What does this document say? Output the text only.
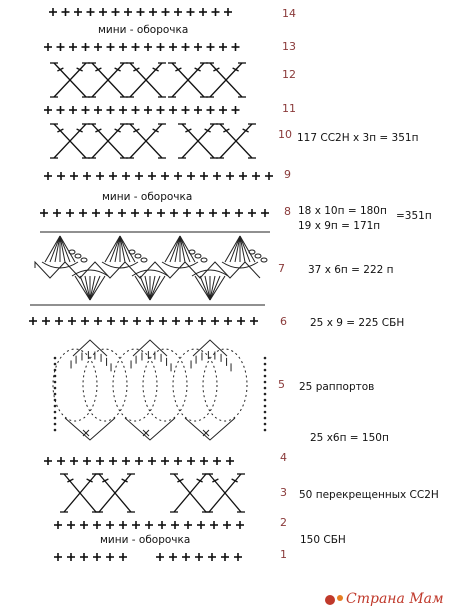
14
13
12
11
10
9
8
7
6
5
4
3
2
1
117 СС2Н х 3п = 351п
18 х 10п = 180п
19 х 9п = 171п
=351п
37 х 6п = 222 п
25 х 9 = 225 СБН
25 раппортов
25 х6п = 150п
50 перекрещенных СС2Н
150 СБН
мини - оборочка
мини - оборочка
мини - оборочка
Страна Мам
